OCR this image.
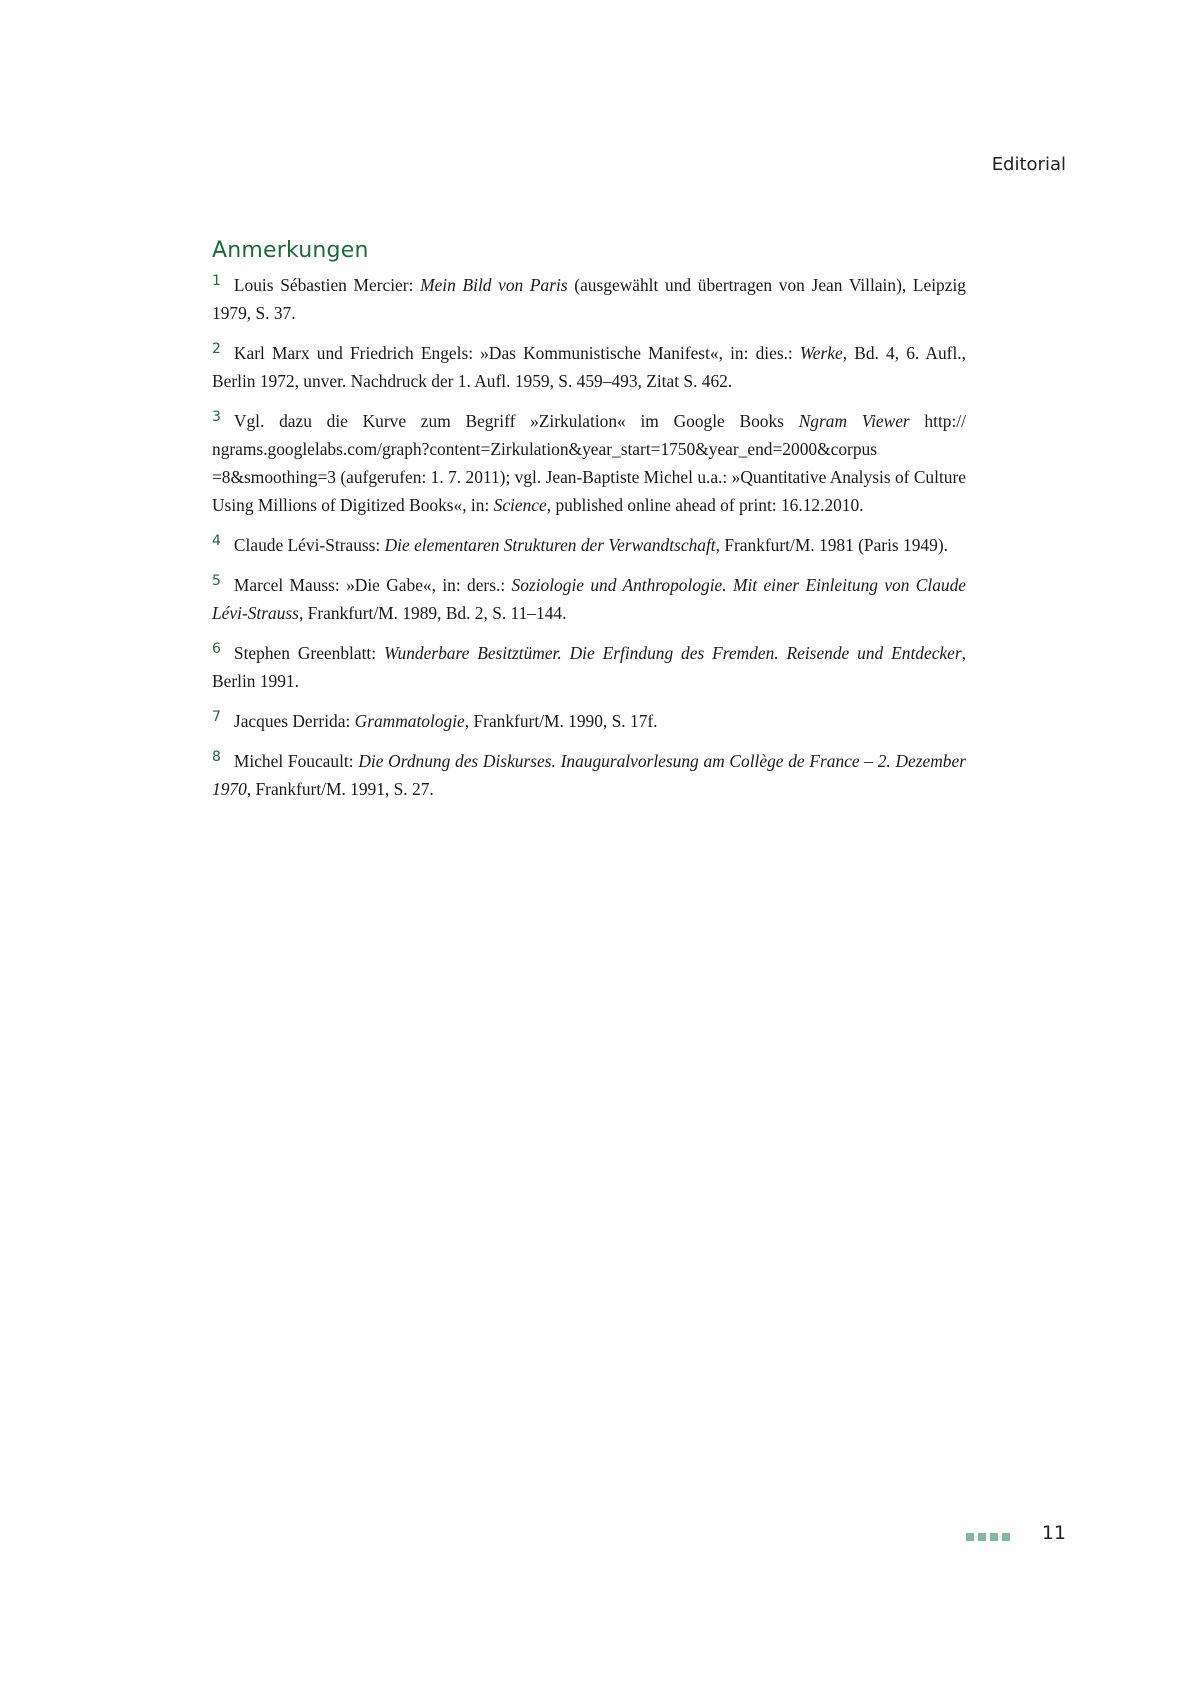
Editorial
Anmerkungen

$^1$ Louis Sébastien Mercier: Mein Bild von Paris (ausgewählt und übertragen von Jean Villain), Leipzig 1979, S. 37.

$^2$ Karl Marx und Friedrich Engels: »Das Kommunistische Manifest«, in: dies.: Werke, Bd. 4, 6. Aufl., Berlin 1972, unver. Nachdruck der 1. Aufl. 1959, S. 459–493, Zitat S. 462.

$^3$ Vgl. dazu die Kurve zum Begriff »Zirkulation« im Google Books Ngram Viewer http://​ngrams.googlelabs.com/graph?content=Zirkulation&year_start=1750&year_end=2000&corpus​=8&smoothing=3 (aufgerufen: 1. 7. 2011); vgl. Jean-Baptiste Michel u.a.: »Quantitative Analysis of Culture Using Millions of Digitized Books«, in: Science, published online ahead of print: 16.12.2010.

$^4$ Claude Lévi-Strauss: Die elementaren Strukturen der Verwandtschaft, Frankfurt/M. 1981 (Paris 1949).

$^5$ Marcel Mauss: »Die Gabe«, in: ders.: Soziologie und Anthropologie. Mit einer Einleitung von Claude Lévi-Strauss, Frankfurt/M. 1989, Bd. 2, S. 11–144.

$^6$ Stephen Greenblatt: Wunderbare Besitztümer. Die Erfindung des Fremden. Reisende und Entdecker, Berlin 1991.

$^7$ Jacques Derrida: Grammatologie, Frankfurt/M. 1990, S. 17f.

$^8$ Michel Foucault: Die Ordnung des Diskurses. Inauguralvorlesung am Collège de France – 2. Dezember 1970, Frankfurt/M. 1991, S. 27.

11
